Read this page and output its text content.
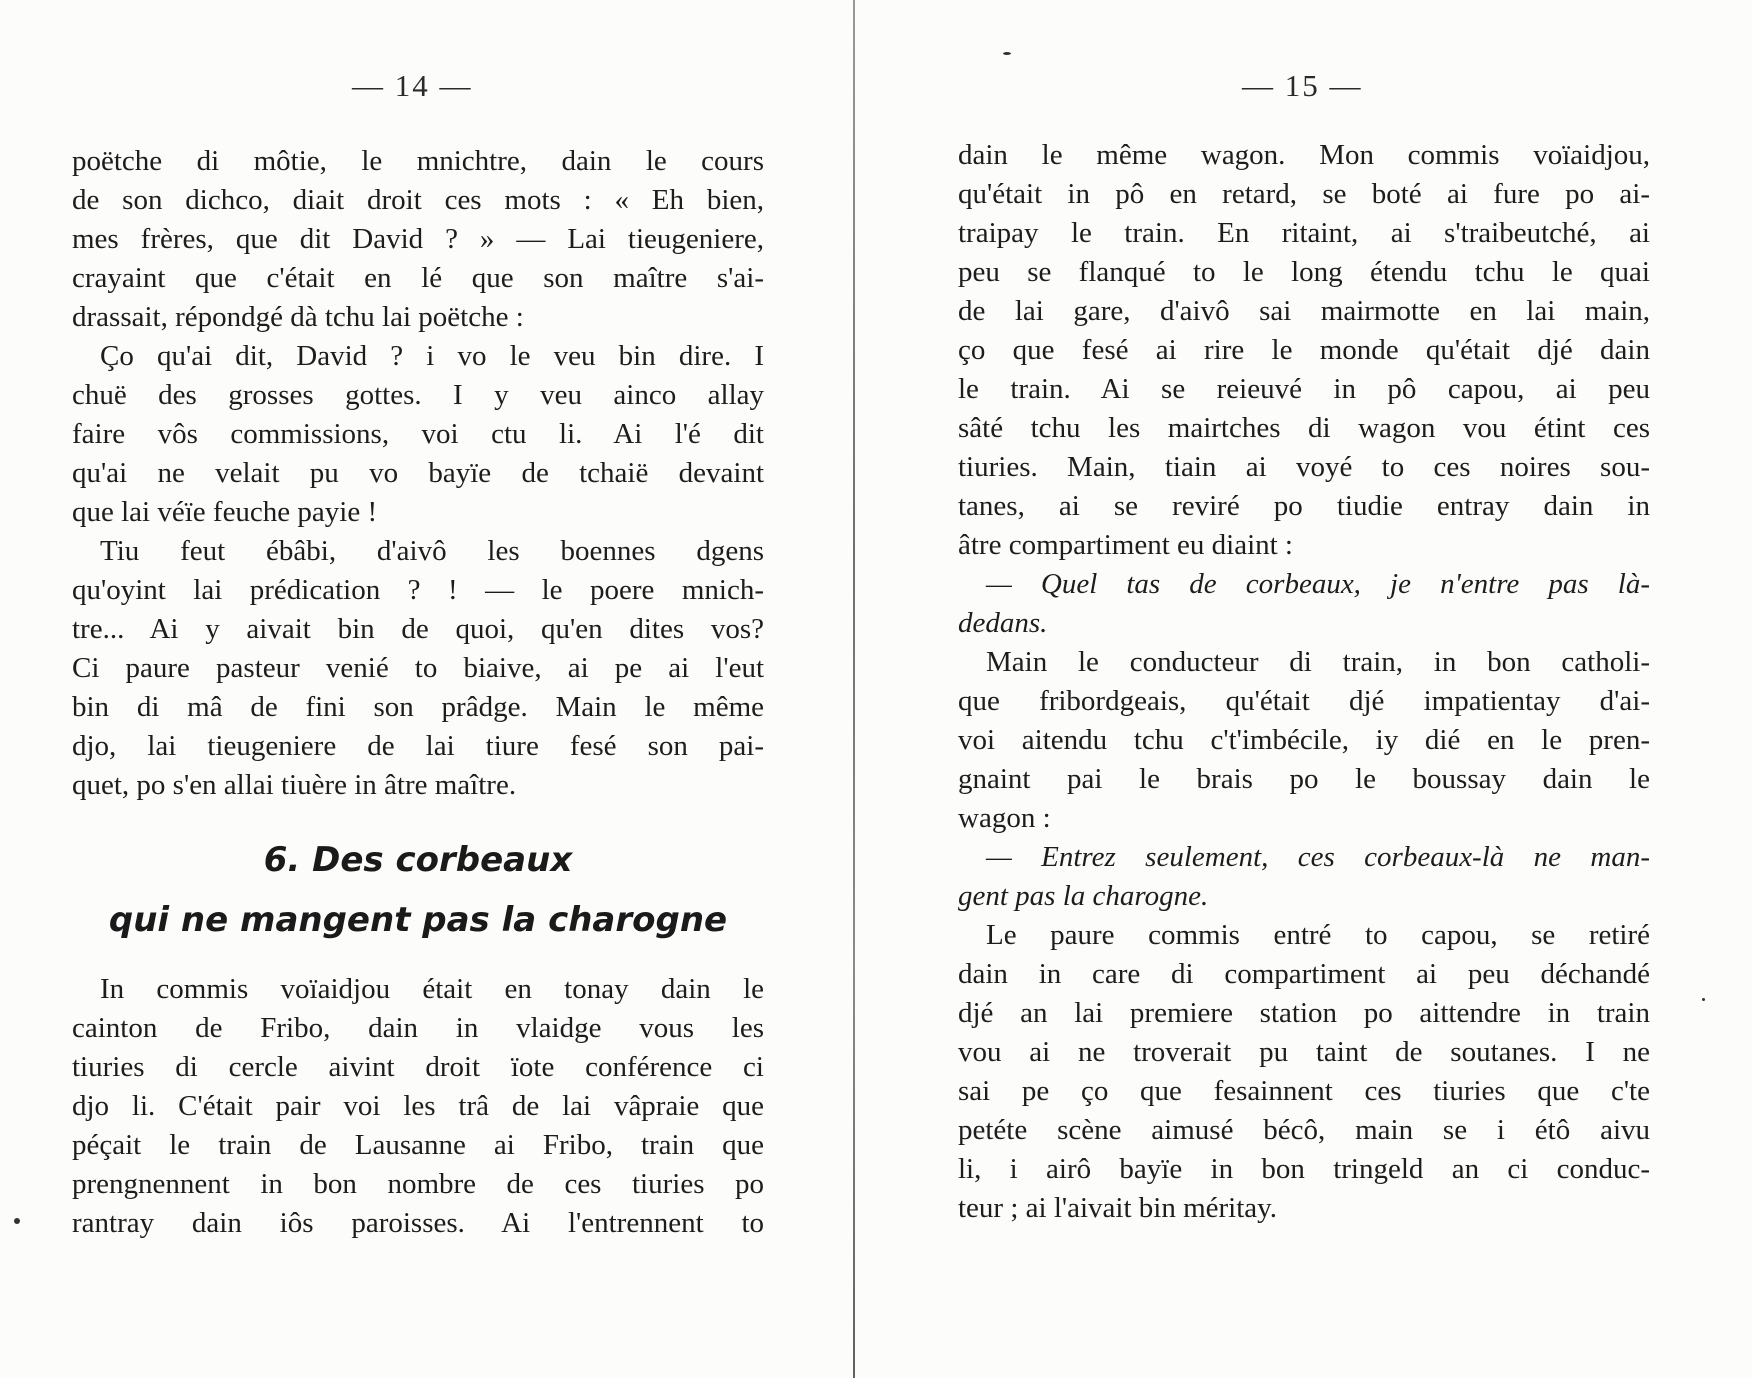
— 14 —
poëtche di môtie, le mnichtre, dain le cours
de son dichco, diait droit ces mots : « Eh bien,
mes frères, que dit David ? » — Lai tieugeniere,
crayaint que c'était en lé que son maître s'ai-
drassait, répondgé dà tchu lai poëtche :
Ço qu'ai dit, David ? i vo le veu bin dire. I
chuë des grosses gottes. I y veu ainco allay
faire vôs commissions, voi ctu li. Ai l'é dit
qu'ai ne velait pu vo bayïe de tchaië devaint
que lai véïe feuche payie !
Tiu feut ébâbi, d'aivô les boennes dgens
qu'oyint lai prédication ? ! — le poere mnich-
tre... Ai y aivait bin de quoi, qu'en dites vos?
Ci paure pasteur venié to biaive, ai pe ai l'eut
bin di mâ de fini son prâdge. Main le même
djo, lai tieugeniere de lai tiure fesé son pai-
quet, po s'en allai tiuère in âtre maître.
6. Des corbeaux
qui ne mangent pas la charogne
In commis voïaidjou était en tonay dain le
cainton de Fribo, dain in vlaidge vous les
tiuries di cercle aivint droit ïote conférence ci
djo li. C'était pair voi les trâ de lai vâpraie que
péçait le train de Lausanne ai Fribo, train que
prengnennent in bon nombre de ces tiuries po
rantray dain iôs paroisses. Ai l'entrennent to
— 15 —
dain le même wagon. Mon commis voïaidjou,
qu'était in pô en retard, se boté ai fure po ai-
traipay le train. En ritaint, ai s'traibeutché, ai
peu se flanqué to le long étendu tchu le quai
de lai gare, d'aivô sai mairmotte en lai main,
ço que fesé ai rire le monde qu'était djé dain
le train. Ai se reieuvé in pô capou, ai peu
sâté tchu les mairtches di wagon vou étint ces
tiuries. Main, tiain ai voyé to ces noires sou-
tanes, ai se reviré po tiudie entray dain in
âtre compartiment eu diaint :
— Quel tas de corbeaux, je n'entre pas là-
dedans.
Main le conducteur di train, in bon catholi-
que fribordgeais, qu'était djé impatientay d'ai-
voi aitendu tchu c't'imbécile, iy dié en le pren-
gnaint pai le brais po le boussay dain le
wagon :
— Entrez seulement, ces corbeaux-là ne man-
gent pas la charogne.
Le paure commis entré to capou, se retiré
dain in care di compartiment ai peu déchandé
djé an lai premiere station po aittendre in train
vou ai ne troverait pu taint de soutanes. I ne
sai pe ço que fesainnent ces tiuries que c'te
petéte scène aimusé bécô, main se i étô aivu
li, i airô bayïe in bon tringeld an ci conduc-
teur ; ai l'aivait bin méritay.
